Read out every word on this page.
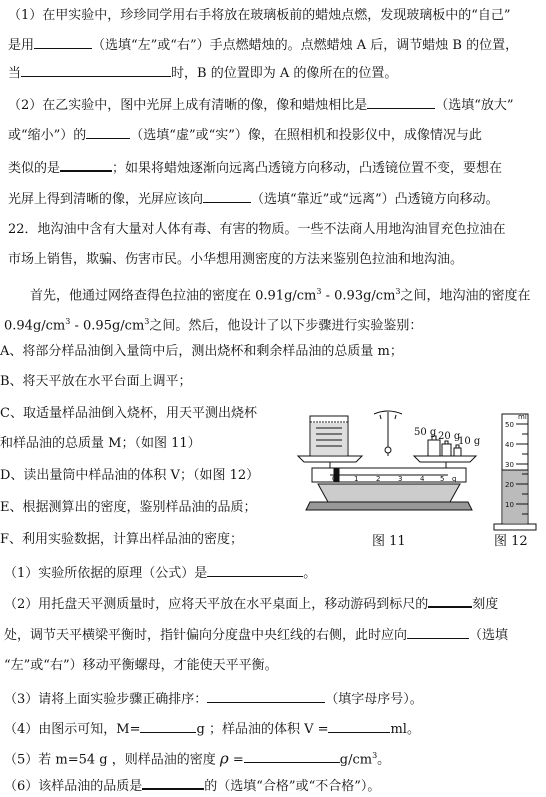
（1）在甲实验中，珍珍同学用右手将放在玻璃板前的蜡烛点燃，发现玻璃板中的“自己”
是用	（选填“左”或“右”）手点燃蜡烛的。点燃蜡烛 A 后，调节蜡烛 B 的位置，
当	时，B 的位置即为 A 的像所在的位置。
（2）在乙实验中，图中光屏上成有清晰的像，像和蜡烛相比是	（选填“放大”
或“缩小”）的	（选填“虚”或“实”）像，在照相机和投影仪中，成像情况与此
类似的是	；如果将蜡烛逐渐向远离凸透镜方向移动，凸透镜位置不变，要想在
光屏上得到清晰的像，光屏应该向	（选填“靠近”或“远离”）凸透镜方向移动。
22．地沟油中含有大量对人体有毒、有害的物质。一些不法商人用地沟油冒充色拉油在
市场上销售，欺骗、伤害市民。小华想用测密度的方法来鉴别色拉油和地沟油。
首先，他通过网络查得色拉油的密度在 $0.91g/cm^3 - 0.93g/cm^3$之间，地沟油的密度在
$0.94g/cm^3 - 0.95g/cm^3$之间。然后，他设计了以下步骤进行实验鉴别：
A、将部分样品油倒入量筒中后，测出烧杯和剩余样品油的总质量 m；
B、将天平放在水平台面上调平；
C、取适量样品油倒入烧杯，用天平测出烧杯
和样品油的总质量 M；（如图 11）
D、读出量筒中样品油的体积 V；（如图 12）
E、根据测算出的密度，鉴别样品油的品质；
F、利用实验数据，计算出样品油的密度；
0	1	2	3	4 5 g
50 g 20 g
10 g
ml
50
40
30
20
10
图 11	图 12
（1）实验所依据的原理（公式）是	。
（2）用托盘天平测质量时，应将天平放在水平桌面上，移动游码到标尺的	刻度
处，调节天平横梁平衡时，指针偏向分度盘中央红线的右侧，此时应向	（选填
“左”或“右”）移动平衡螺母，才能使天平平衡。
（3）请将上面实验步骤正确排序：	（填字母序号）。
（4）由图示可知，M=	g ；样品油的体积 V =	ml。
（5）若 m=54 g ，则样品油的密度 ρ =	$g/cm^3$。
（6）该样品油的品质是	的（选填“合格”或“不合格”）。
